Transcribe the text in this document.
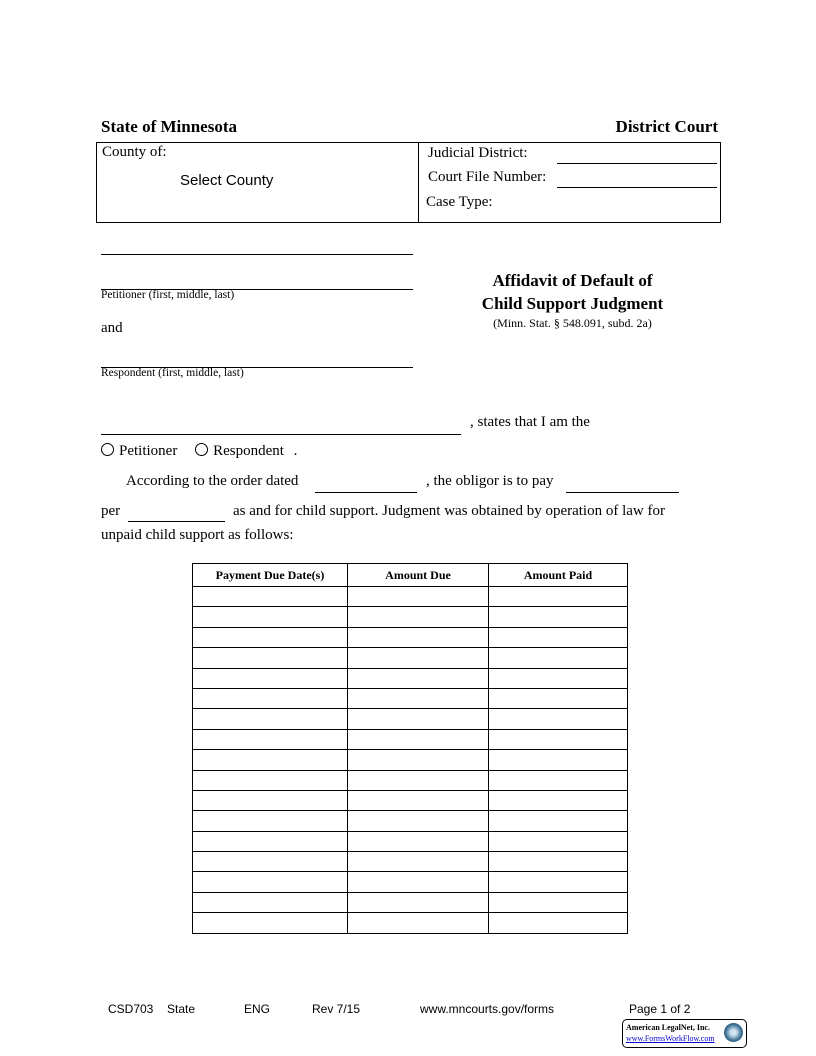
State of Minnesota	District Court
County of:
Select County
Judicial District:
Court File Number:
Case Type:
Petitioner (first, middle, last)
and
Respondent (first, middle, last)
Affidavit of Default of
Child Support Judgment
(Minn. Stat. § 548.091, subd. 2a)
, states that I am the
Petitioner Respondent .
According to the order dated	, the obligor is to pay
per	as and for child support. Judgment was obtained by operation of law for
unpaid child support as follows:
Payment Due Date(s)	Amount Due	Amount Paid

CSD703 State	ENG	Rev 7/15	www.mncourts.gov/forms	Page 1 of 2
American LegalNet, Inc.
www.FormsWorkFlow.com
